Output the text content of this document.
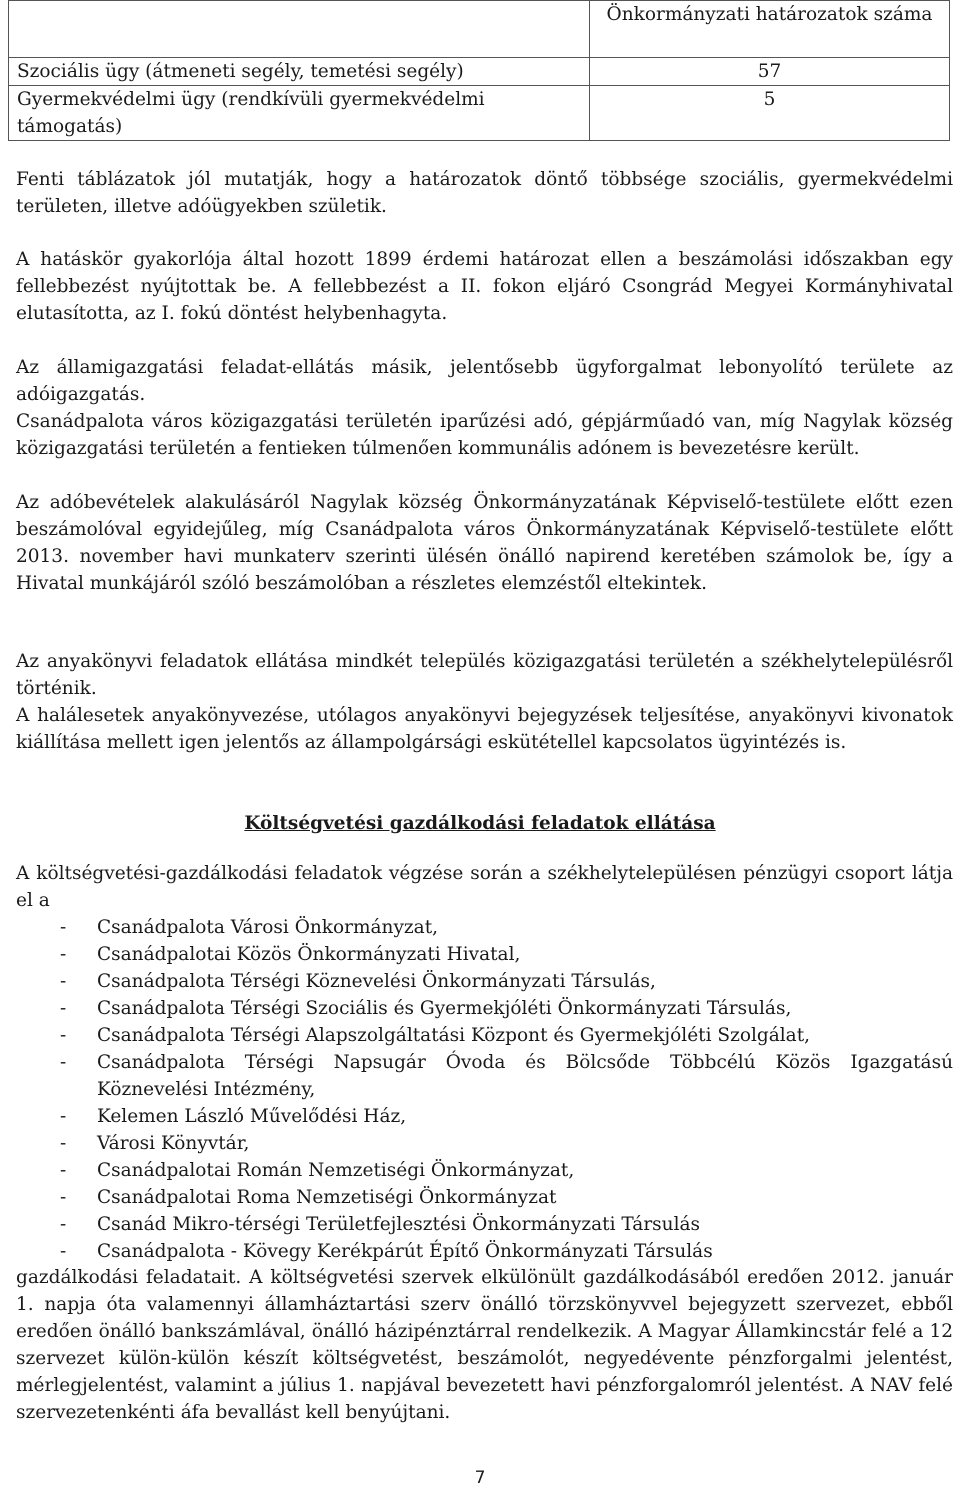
	Önkormányzati határozatok száma
Szociális ügy (átmeneti segély, temetési segély)	57
Gyermekvédelmi ügy (rendkívüli gyermekvédelmi támogatás)	5
Fenti táblázatok jól mutatják, hogy a határozatok döntő többsége szociális, gyermekvédelmi területen, illetve adóügyekben születik.
A hatáskör gyakorlója által hozott 1899 érdemi határozat ellen a beszámolási időszakban egy fellebbezést nyújtottak be. A fellebbezést a II. fokon eljáró Csongrád Megyei Kormányhivatal elutasította, az I. fokú döntést helybenhagyta.
Az államigazgatási feladat-ellátás másik, jelentősebb ügyforgalmat lebonyolító területe az adóigazgatás.
Csanádpalota város közigazgatási területén iparűzési adó, gépjárműadó van, míg Nagylak község közigazgatási területén a fentieken túlmenően kommunális adónem is bevezetésre került.
Az adóbevételek alakulásáról Nagylak község Önkormányzatának Képviselő-testülete előtt ezen beszámolóval egyidejűleg, míg Csanádpalota város Önkormányzatának Képviselő-testülete előtt 2013. november havi munkaterv szerinti ülésén önálló napirend keretében számolok be, így a Hivatal munkájáról szóló beszámolóban a részletes elemzéstől eltekintek.
Az anyakönyvi feladatok ellátása mindkét település közigazgatási területén a székhelytelepülésről történik.
A halálesetek anyakönyvezése, utólagos anyakönyvi bejegyzések teljesítése, anyakönyvi kivonatok kiállítása mellett igen jelentős az állampolgársági eskütétellel kapcsolatos ügyintézés is.
Költségvetési gazdálkodási feladatok ellátása
A költségvetési-gazdálkodási feladatok végzése során a székhelytelepülésen pénzügyi csoport látja el a
- Csanádpalota Városi Önkormányzat,
- Csanádpalotai Közös Önkormányzati Hivatal,
- Csanádpalota Térségi Köznevelési Önkormányzati Társulás,
- Csanádpalota Térségi Szociális és Gyermekjóléti Önkormányzati Társulás,
- Csanádpalota Térségi Alapszolgáltatási Központ és Gyermekjóléti Szolgálat,
- Csanádpalota Térségi Napsugár Óvoda és Bölcsőde Többcélú Közös Igazgatású Köznevelési Intézmény,
- Kelemen László Művelődési Ház,
- Városi Könyvtár,
- Csanádpalotai Román Nemzetiségi Önkormányzat,
- Csanádpalotai Roma Nemzetiségi Önkormányzat
- Csanád Mikro-térségi Területfejlesztési Önkormányzati Társulás
- Csanádpalota - Kövegy Kerékpárút Építő Önkormányzati Társulás
gazdálkodási feladatait. A költségvetési szervek elkülönült gazdálkodásából eredően 2012. január 1. napja óta valamennyi államháztartási szerv önálló törzskönyvvel bejegyzett szervezet, ebből eredően önálló bankszámlával, önálló házipénztárral rendelkezik. A Magyar Államkincstár felé a 12 szervezet külön-külön készít költségvetést, beszámolót, negyedévente pénzforgalmi jelentést, mérlegjelentést, valamint a július 1. napjával bevezetett havi pénzforgalomról jelentést. A NAV felé szervezetenkénti áfa bevallást kell benyújtani.
7
